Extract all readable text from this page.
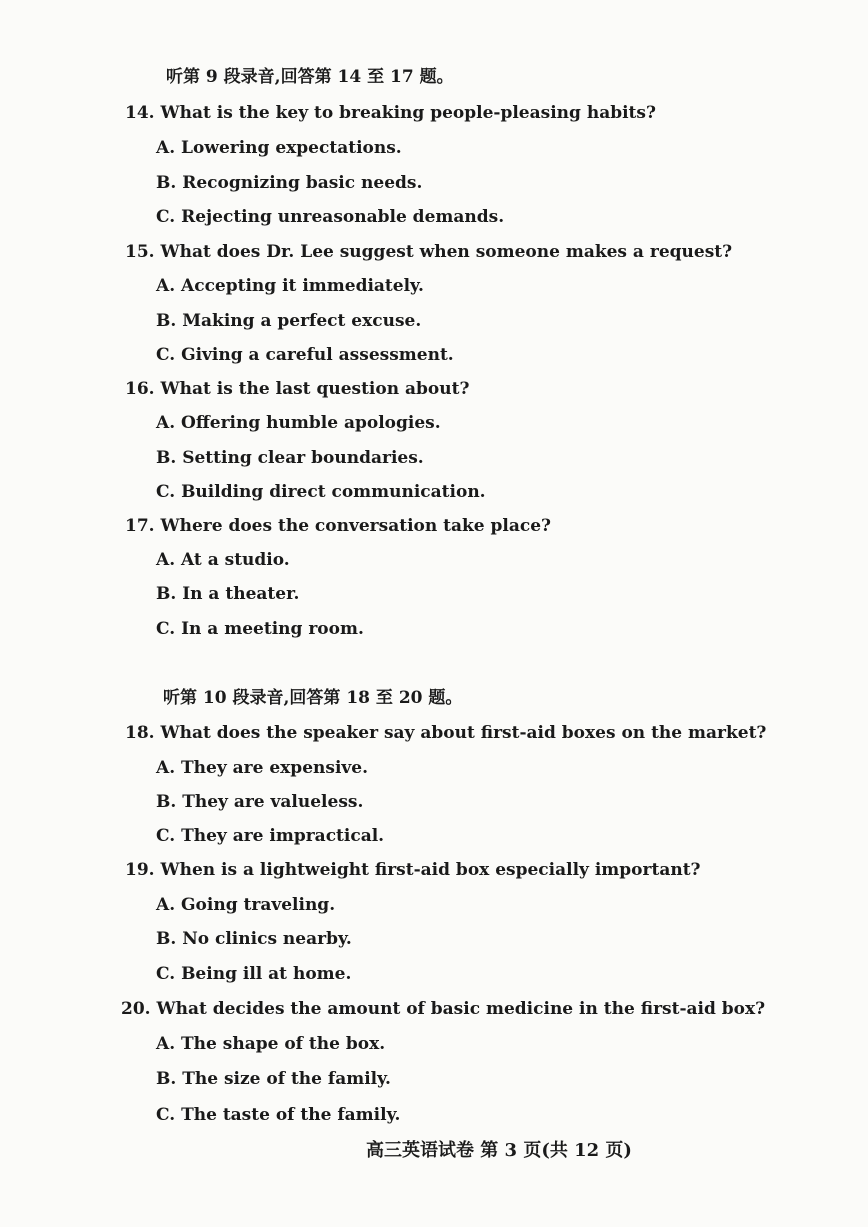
听第 9 段录音,回答第 14 至 17 题。
14. What is the key to breaking people-pleasing habits?
A. Lowering expectations.
B. Recognizing basic needs.
C. Rejecting unreasonable demands.
15. What does Dr. Lee suggest when someone makes a request?
A. Accepting it immediately.
B. Making a perfect excuse.
C. Giving a careful assessment.
16. What is the last question about?
A. Offering humble apologies.
B. Setting clear boundaries.
C. Building direct communication.
17. Where does the conversation take place?
A. At a studio.
B. In a theater.
C. In a meeting room.
听第 10 段录音,回答第 18 至 20 题。
18. What does the speaker say about first-aid boxes on the market?
A. They are expensive.
B. They are valueless.
C. They are impractical.
19. When is a lightweight first-aid box especially important?
A. Going traveling.
B. No clinics nearby.
C. Being ill at home.
20. What decides the amount of basic medicine in the first-aid box?
A. The shape of the box.
B. The size of the family.
C. The taste of the family.
高三英语试卷 第 3 页(共 12 页)
